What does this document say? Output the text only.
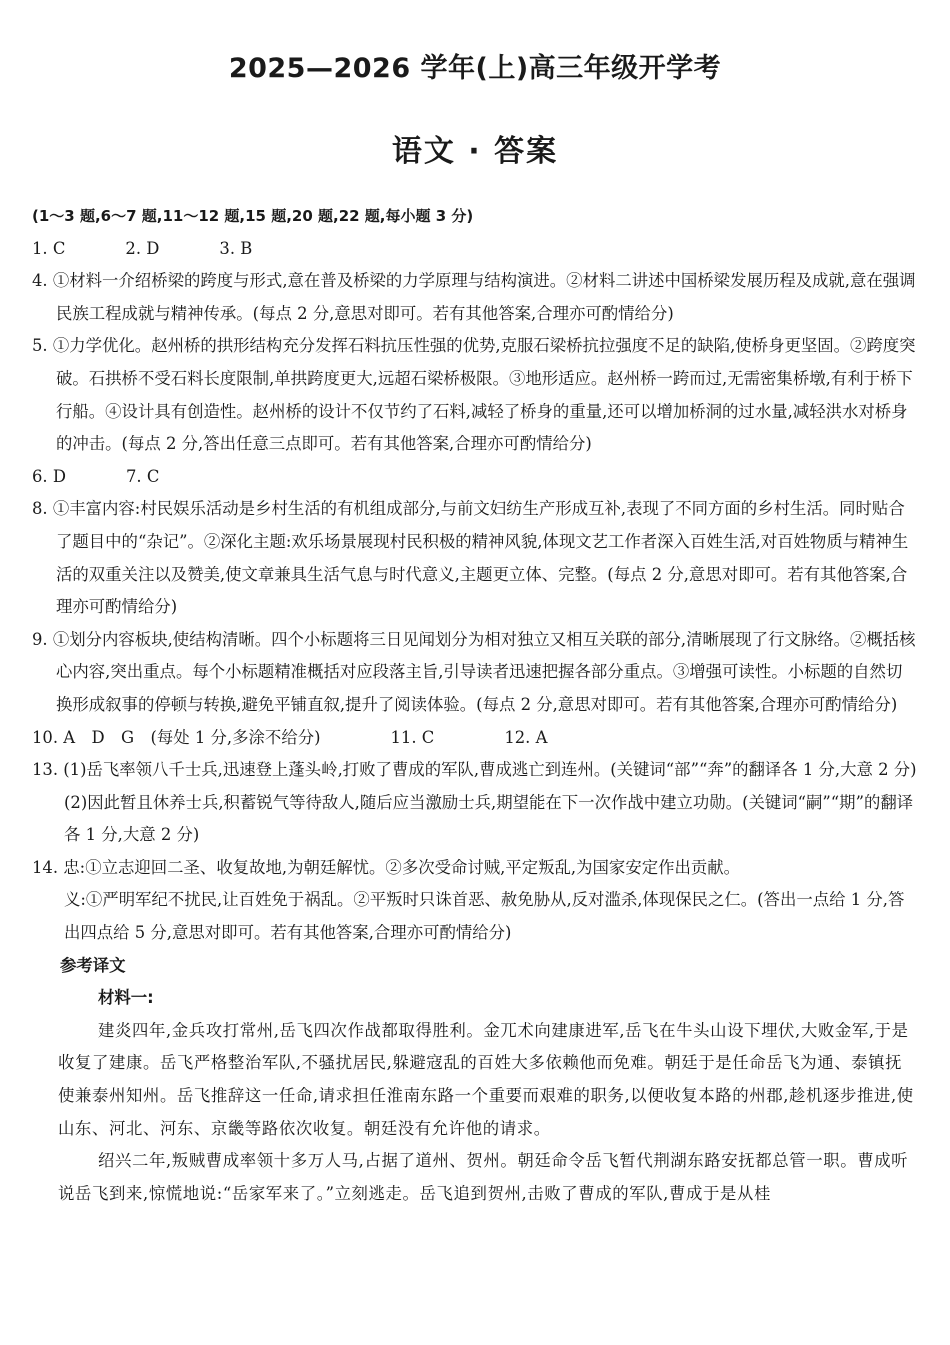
2025—2026 学年(上)高三年级开学考
语文 · 答案

(1～3 题,6～7 题,11～12 题,15 题,20 题,22 题,每小题 3 分)

1. C	2. D	3. B

4. ①材料一介绍桥梁的跨度与形式,意在普及桥梁的力学原理与结构演进。②材料二讲述中国桥梁发展历程及成就,意在强调民族工程成就与精神传承。(每点 2 分,意思对即可。若有其他答案,合理亦可酌情给分)

5. ①力学优化。赵州桥的拱形结构充分发挥石料抗压性强的优势,克服石梁桥抗拉强度不足的缺陷,使桥身更坚固。②跨度突破。石拱桥不受石料长度限制,单拱跨度更大,远超石梁桥极限。③地形适应。赵州桥一跨而过,无需密集桥墩,有利于桥下行船。④设计具有创造性。赵州桥的设计不仅节约了石料,减轻了桥身的重量,还可以增加桥洞的过水量,减轻洪水对桥身的冲击。(每点 2 分,答出任意三点即可。若有其他答案,合理亦可酌情给分)

6. D	7. C

8. ①丰富内容:村民娱乐活动是乡村生活的有机组成部分,与前文妇纺生产形成互补,表现了不同方面的乡村生活。同时贴合了题目中的“杂记”。②深化主题:欢乐场景展现村民积极的精神风貌,体现文艺工作者深入百姓生活,对百姓物质与精神生活的双重关注以及赞美,使文章兼具生活气息与时代意义,主题更立体、完整。(每点 2 分,意思对即可。若有其他答案,合理亦可酌情给分)

9. ①划分内容板块,使结构清晰。四个小标题将三日见闻划分为相对独立又相互关联的部分,清晰展现了行文脉络。②概括核心内容,突出重点。每个小标题精准概括对应段落主旨,引导读者迅速把握各部分重点。③增强可读性。小标题的自然切换形成叙事的停顿与转换,避免平铺直叙,提升了阅读体验。(每点 2 分,意思对即可。若有其他答案,合理亦可酌情给分)

10. A　D　G　(每处 1 分,多涂不给分)	11. C	12. A

13. (1)岳飞率领八千士兵,迅速登上蓬头岭,打败了曹成的军队,曹成逃亡到连州。(关键词“部”“奔”的翻译各 1 分,大意 2 分)

(2)因此暂且休养士兵,积蓄锐气等待敌人,随后应当激励士兵,期望能在下一次作战中建立功勋。(关键词“嗣”“期”的翻译各 1 分,大意 2 分)

14. 忠:①立志迎回二圣、收复故地,为朝廷解忧。②多次受命讨贼,平定叛乱,为国家安定作出贡献。

义:①严明军纪不扰民,让百姓免于祸乱。②平叛时只诛首恶、赦免胁从,反对滥杀,体现保民之仁。(答出一点给 1 分,答出四点给 5 分,意思对即可。若有其他答案,合理亦可酌情给分)

参考译文

材料一:

建炎四年,金兵攻打常州,岳飞四次作战都取得胜利。金兀术向建康进军,岳飞在牛头山设下埋伏,大败金军,于是收复了建康。岳飞严格整治军队,不骚扰居民,躲避寇乱的百姓大多依赖他而免难。朝廷于是任命岳飞为通、泰镇抚使兼泰州知州。岳飞推辞这一任命,请求担任淮南东路一个重要而艰难的职务,以便收复本路的州郡,趁机逐步推进,使山东、河北、河东、京畿等路依次收复。朝廷没有允许他的请求。

绍兴二年,叛贼曹成率领十多万人马,占据了道州、贺州。朝廷命令岳飞暂代荆湖东路安抚都总管一职。曹成听说岳飞到来,惊慌地说:“岳家军来了。”立刻逃走。岳飞追到贺州,击败了曹成的军队,曹成于是从桂
